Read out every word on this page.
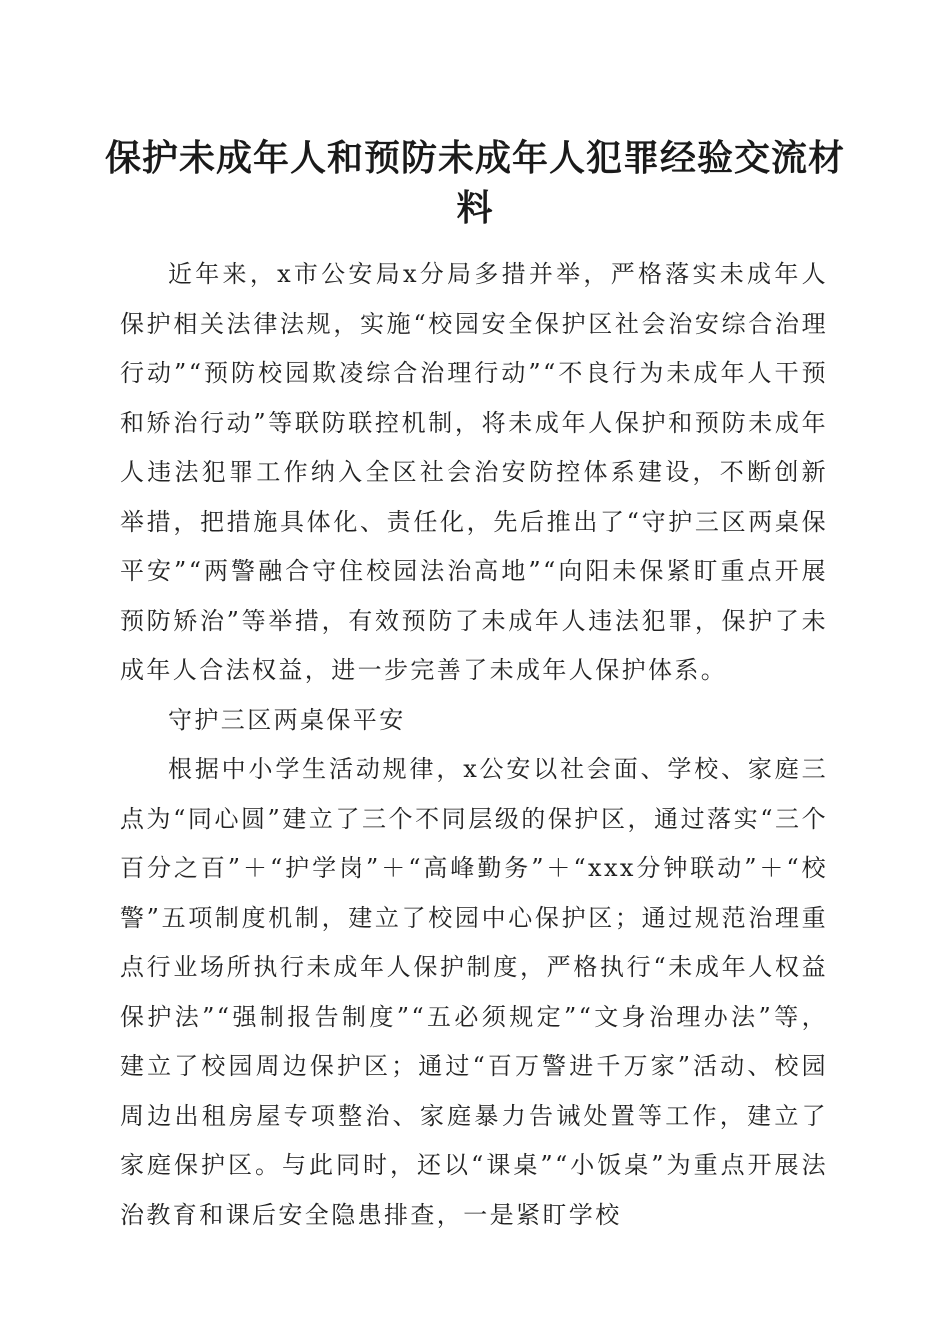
保护未成年人和预防未成年人犯罪经验交流材料

近年来，x市公安局x分局多措并举，严格落实未成年人保护相关法律法规，实施“校园安全保护区社会治安综合治理行动”“预防校园欺凌综合治理行动”“不良行为未成年人干预和矫治行动”等联防联控机制，将未成年人保护和预防未成年人违法犯罪工作纳入全区社会治安防控体系建设，不断创新举措，把措施具体化、责任化，先后推出了“守护三区两桌保平安”“两警融合守住校园法治高地”“向阳未保紧盯重点开展预防矫治”等举措，有效预防了未成年人违法犯罪，保护了未成年人合法权益，进一步完善了未成年人保护体系。

守护三区两桌保平安

根据中小学生活动规律，x公安以社会面、学校、家庭三点为“同心圆”建立了三个不同层级的保护区，通过落实“三个百分之百”＋“护学岗”＋“高峰勤务”＋“xxx分钟联动”＋“校警”五项制度机制，建立了校园中心保护区；通过规范治理重点行业场所执行未成年人保护制度，严格执行“未成年人权益保护法”“强制报告制度”“五必须规定”“文身治理办法”等，建立了校园周边保护区；通过“百万警进千万家”活动、校园周边出租房屋专项整治、家庭暴力告诫处置等工作，建立了家庭保护区。与此同时，还以“课桌”“小饭桌”为重点开展法治教育和课后安全隐患排查，一是紧盯学校
